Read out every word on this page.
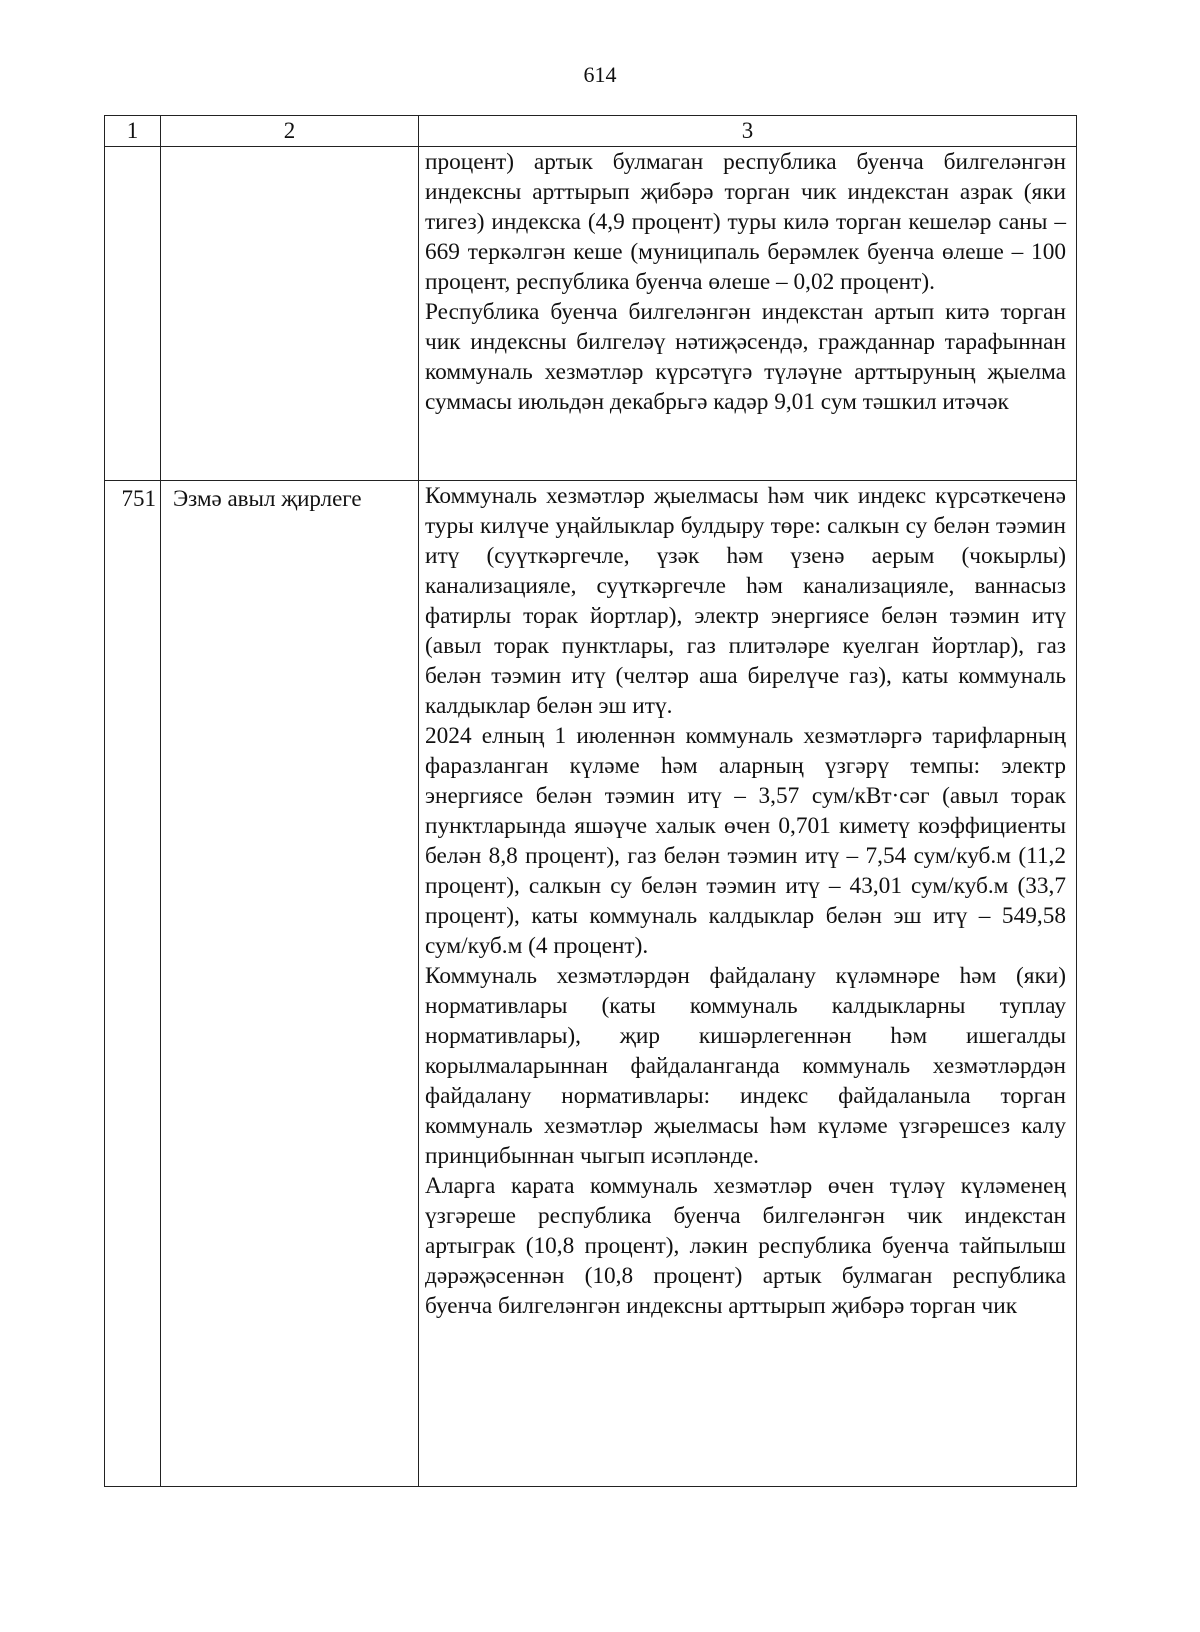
614
1	2	3

		процент) артык булмаган республика буенча билгеләнгән индексны арттырып җибәрә торган чик индекстан азрак (яки тигез) индекска (4,9 процент) туры килә торган кешеләр саны – 669 теркәлгән кеше (муниципаль берәмлек буенча өлеше – 100 процент, республика буенча өлеше – 0,02 процент).

Республика буенча билгеләнгән индекстан артып китә торган чик индексны билгеләү нәтиҗәсендә, гражданнар тарафыннан коммуналь хезмәтләр күрсәтүгә түләүне арттыруның җыелма суммасы июльдән декабрьгә кадәр 9,01 сум тәшкил итәчәк

751	Эзмә авыл җирлеге	Коммуналь хезмәтләр җыелмасы һәм чик индекс күрсәткеченә туры килүче уңайлыклар булдыру төре: салкын су белән тәэмин итү (суүткәргечле, үзәк һәм үзенә аерым (чокырлы) канализацияле, суүткәргечле һәм канализацияле, ваннасыз фатирлы торак йортлар), электр энергиясе белән тәэмин итү (авыл торак пунктлары, газ плитәләре куелган йортлар), газ белән тәэмин итү (челтәр аша бирелүче газ), каты коммуналь калдыклар белән эш итү.

2024 елның 1 июленнән коммуналь хезмәтләргә тарифларның фаразланган күләме һәм аларның үзгәрү темпы: электр энергиясе белән тәэмин итү – 3,57 сум/кВт·сәг (авыл торак пунктларында яшәүче халык өчен 0,701 киметү коэффициенты белән 8,8 процент), газ белән тәэмин итү – 7,54 сум/куб.м (11,2 процент), салкын су белән тәэмин итү – 43,01 сум/куб.м (33,7 процент), каты коммуналь калдыклар белән эш итү – 549,58 сум/куб.м (4 процент).

Коммуналь хезмәтләрдән файдалану күләмнәре һәм (яки) нормативлары (каты коммуналь калдыкларны туплау нормативлары), җир кишәрлегеннән һәм ишегалды корылмаларыннан файдаланганда коммуналь хезмәтләрдән файдалану нормативлары: индекс файдаланыла торган коммуналь хезмәтләр җыелмасы һәм күләме үзгәрешсез калу принцибыннан чыгып исәпләнде.

Аларга карата коммуналь хезмәтләр өчен түләү күләменең үзгәреше республика буенча билгеләнгән чик индекстан артыграк (10,8 процент), ләкин республика буенча тайпылыш дәрәҗәсеннән (10,8 процент) артык булмаган республика буенча билгеләнгән индексны арттырып җибәрә торган чик
